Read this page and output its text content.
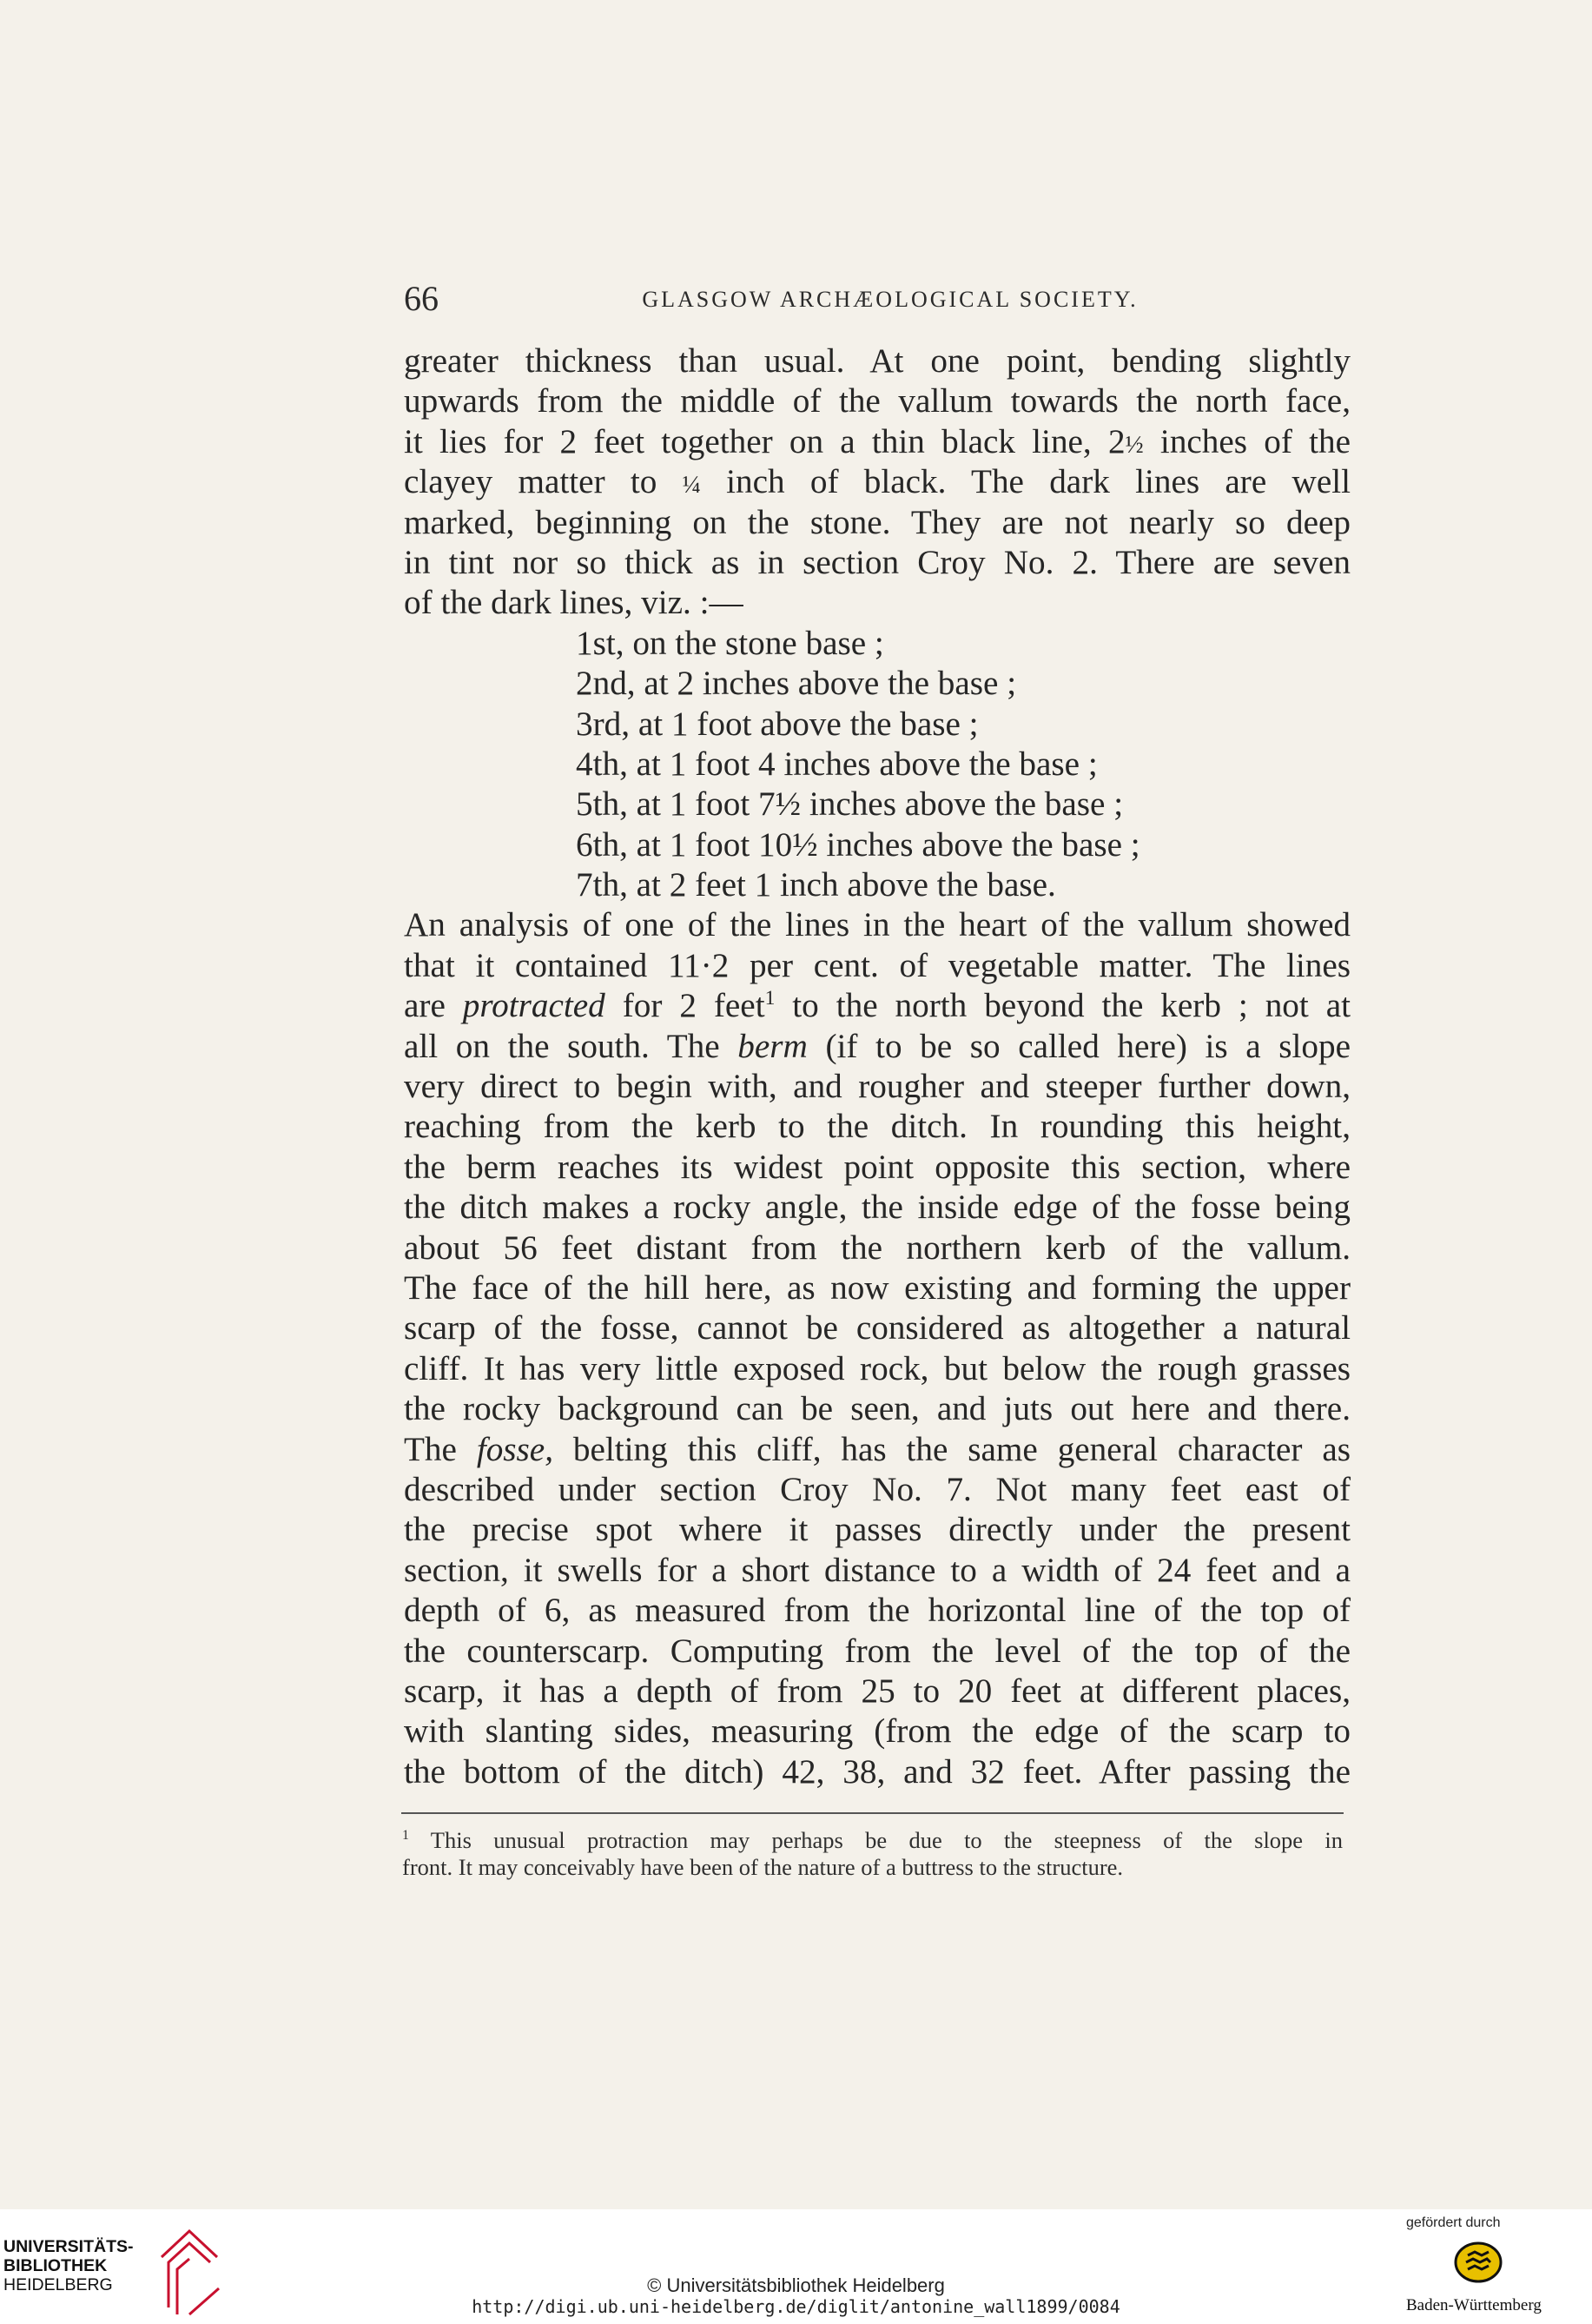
66	GLASGOW ARCHÆOLOGICAL SOCIETY.
greater thickness than usual. At one point, bending slightly
upwards from the middle of the vallum towards the north face,
it lies for 2 feet together on a thin black line, 2½ inches of the
clayey matter to ¼ inch of black. The dark lines are well
marked, beginning on the stone. They are not nearly so deep
in tint nor so thick as in section Croy No. 2. There are seven
of the dark lines, viz. :—
1st, on the stone base ;
2nd, at 2 inches above the base ;
3rd, at 1 foot above the base ;
4th, at 1 foot 4 inches above the base ;
5th, at 1 foot 7½ inches above the base ;
6th, at 1 foot 10½ inches above the base ;
7th, at 2 feet 1 inch above the base.
An analysis of one of the lines in the heart of the vallum showed
that it contained 11·2 per cent. of vegetable matter. The lines
are protracted for 2 feet$^1$ to the north beyond the kerb ; not at
all on the south. The berm (if to be so called here) is a slope
very direct to begin with, and rougher and steeper further down,
reaching from the kerb to the ditch. In rounding this height,
the berm reaches its widest point opposite this section, where
the ditch makes a rocky angle, the inside edge of the fosse being
about 56 feet distant from the northern kerb of the vallum.
The face of the hill here, as now existing and forming the upper
scarp of the fosse, cannot be considered as altogether a natural
cliff. It has very little exposed rock, but below the rough grasses
the rocky background can be seen, and juts out here and there.
The fosse, belting this cliff, has the same general character as
described under section Croy No. 7. Not many feet east of
the precise spot where it passes directly under the present
section, it swells for a short distance to a width of 24 feet and a
depth of 6, as measured from the horizontal line of the top of
the counterscarp. Computing from the level of the top of the
scarp, it has a depth of from 25 to 20 feet at different places,
with slanting sides, measuring (from the edge of the scarp to
the bottom of the ditch) 42, 38, and 32 feet. After passing the
$^1$ This unusual protraction may perhaps be due to the steepness of the slope in
front. It may conceivably have been of the nature of a buttress to the structure.
UNIVERSITÄTS-
BIBLIOTHEK
HEIDELBERG	© Universitätsbibliothek Heidelberg
http://digi.ub.uni-heidelberg.de/diglit/antonine_wall1899/0084
gefördert durch
Baden-Württemberg
